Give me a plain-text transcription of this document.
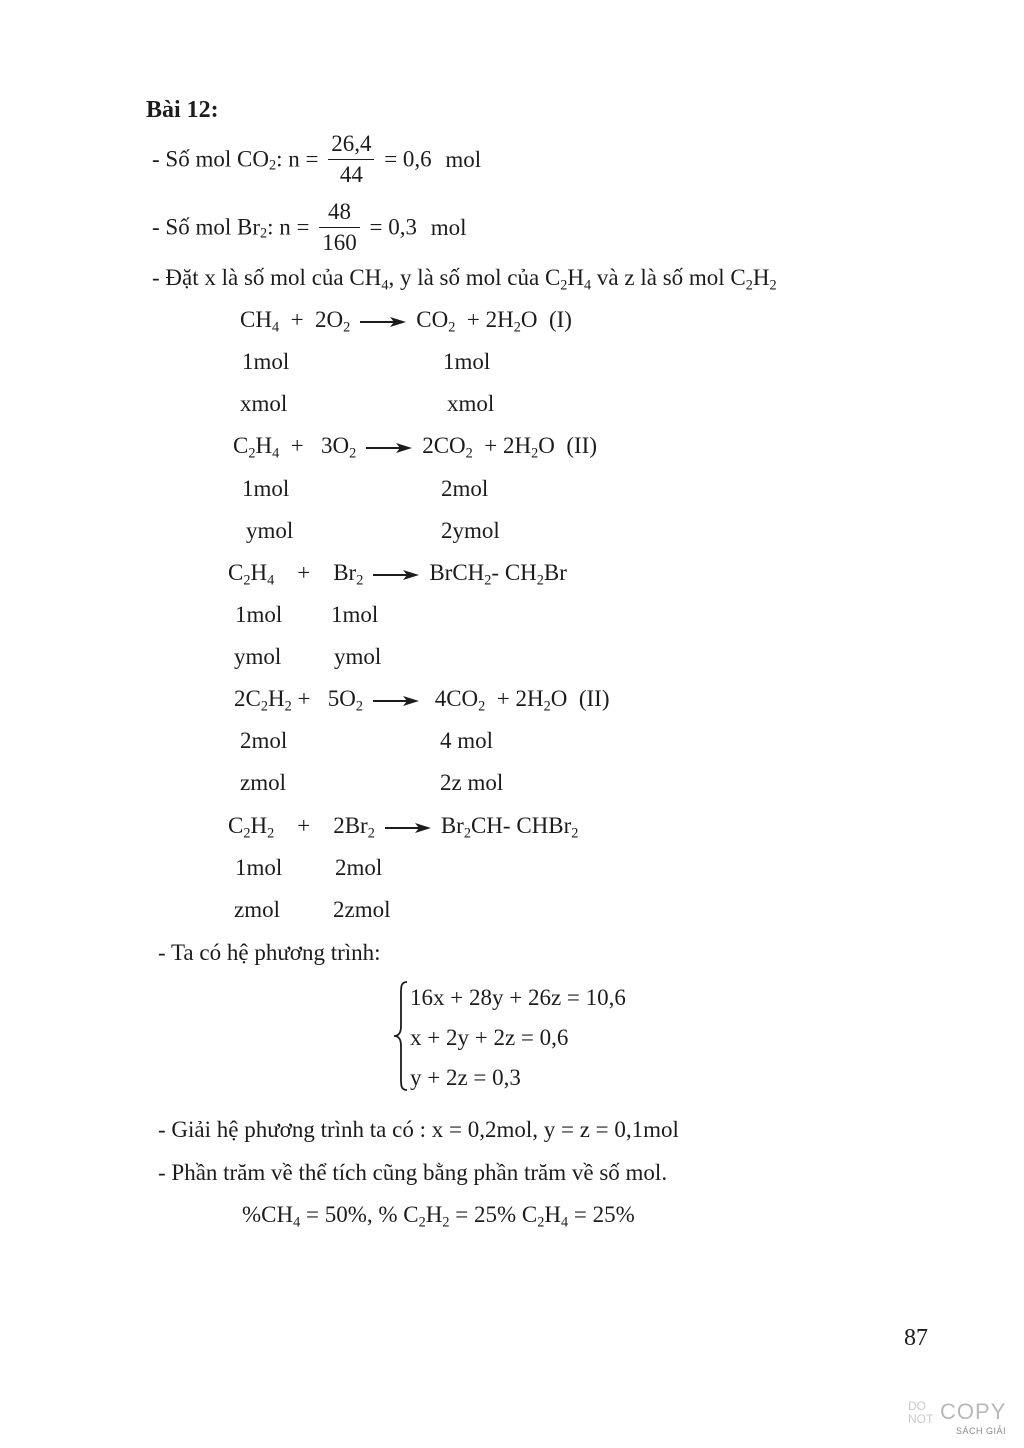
Bài 12:
- Số mol $CO_2$: $n = \frac{26,4}{44} = 0,6$ mol
- Số mol $Br_2$: $n = \frac{48}{160} = 0,3$ mol
- Đặt x là số mol của $CH_4$, y là số mol của $C_2H_4$ và z là số mol $C_2H_2$
$CH_4 + 2O_2 \to CO_2 + 2H_2O$  (I)
1mol	1mol
xmol	xmol
$C_2H_4 + 3O_2 \to 2CO_2 + 2H_2O$  (II)
1mol	2mol
ymol	2ymol
$C_2H_4$    +    $Br_2$ → BrCH$_2$- $CH_2Br$
1mol 1mol
ymol ymol
$2C_2H_2 + 5O_2 \to 4CO_2 + 2H_2O$  (II)
2mol	4 mol
zmol	2z mol
$C_2H_2$    +    $2Br_2 \to Br_2CH-$ CHBr$_2$
1mol 2mol
zmol 2zmol
- Ta có hệ phương trình:
16x + 28y + 26z = 10,6
x + 2y + 2z = 0,6
y + 2z = 0,3
- Giải hệ phương trình ta có : x = 0,2mol, y = z = 0,1mol
- Phần trăm về thể tích cũng bằng phần trăm về số mol.
$\%CH_4 = 50\%$, % $C_2H_2 = 25\%$ $C_2H_4 = 25\%$
87
DO
NOT COPY
SÁCH GIẢI
